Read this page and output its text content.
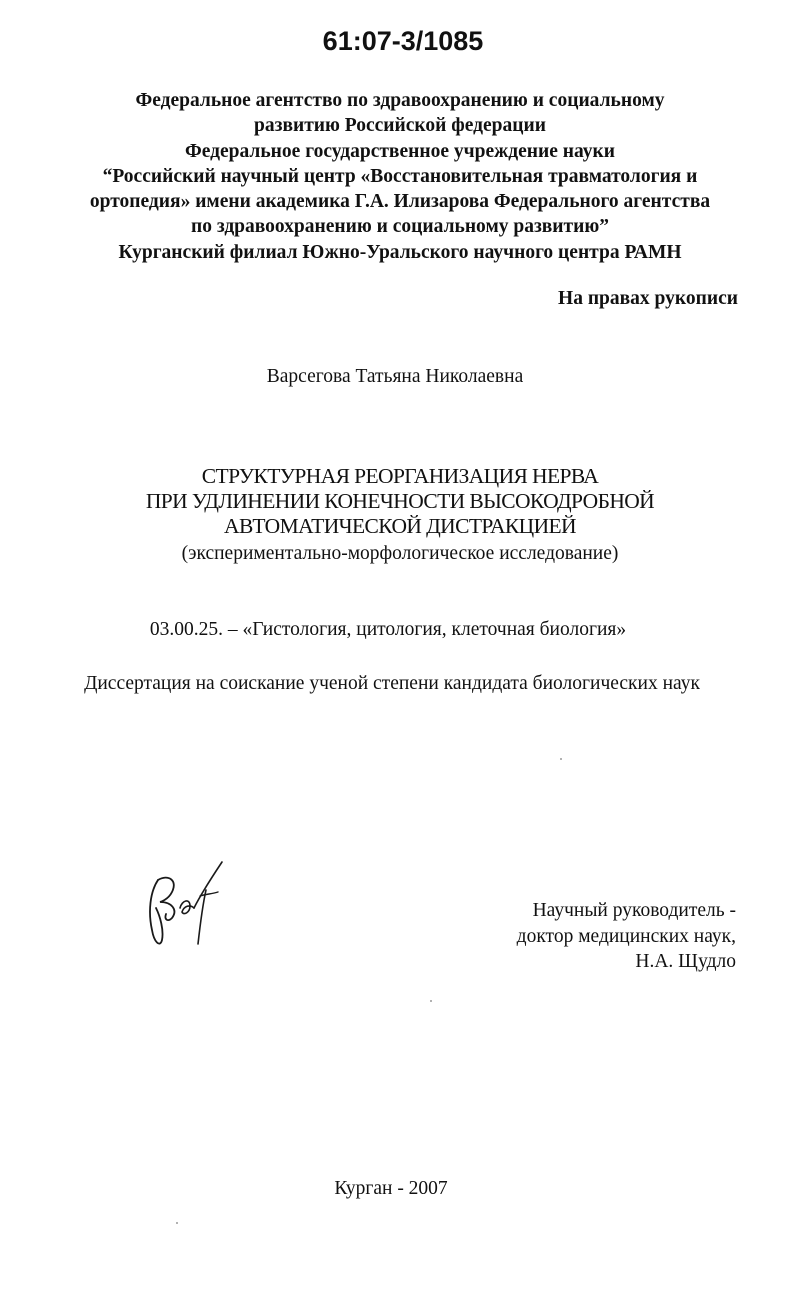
61:07-3/1085
Федеральное агентство по здравоохранению и социальному
развитию Российской федерации
Федеральное государственное учреждение науки
“Российский научный центр «Восстановительная травматология и
ортопедия» имени академика Г.А. Илизарова Федерального агентства
по здравоохранению и социальному развитию”
Курганский филиал Южно-Уральского научного центра РАМН
На правах рукописи
Варсегова Татьяна Николаевна
СТРУКТУРНАЯ РЕОРГАНИЗАЦИЯ НЕРВА
ПРИ УДЛИНЕНИИ КОНЕЧНОСТИ ВЫСОКОДРОБНОЙ
АВТОМАТИЧЕСКОЙ ДИСТРАКЦИЕЙ
(экспериментально-морфологическое исследование)
03.00.25. – «Гистология, цитология, клеточная биология»
Диссертация на соискание ученой степени кандидата биологических наук
Научный руководитель -
доктор медицинских наук,
Н.А. Щудло
Курган - 2007
